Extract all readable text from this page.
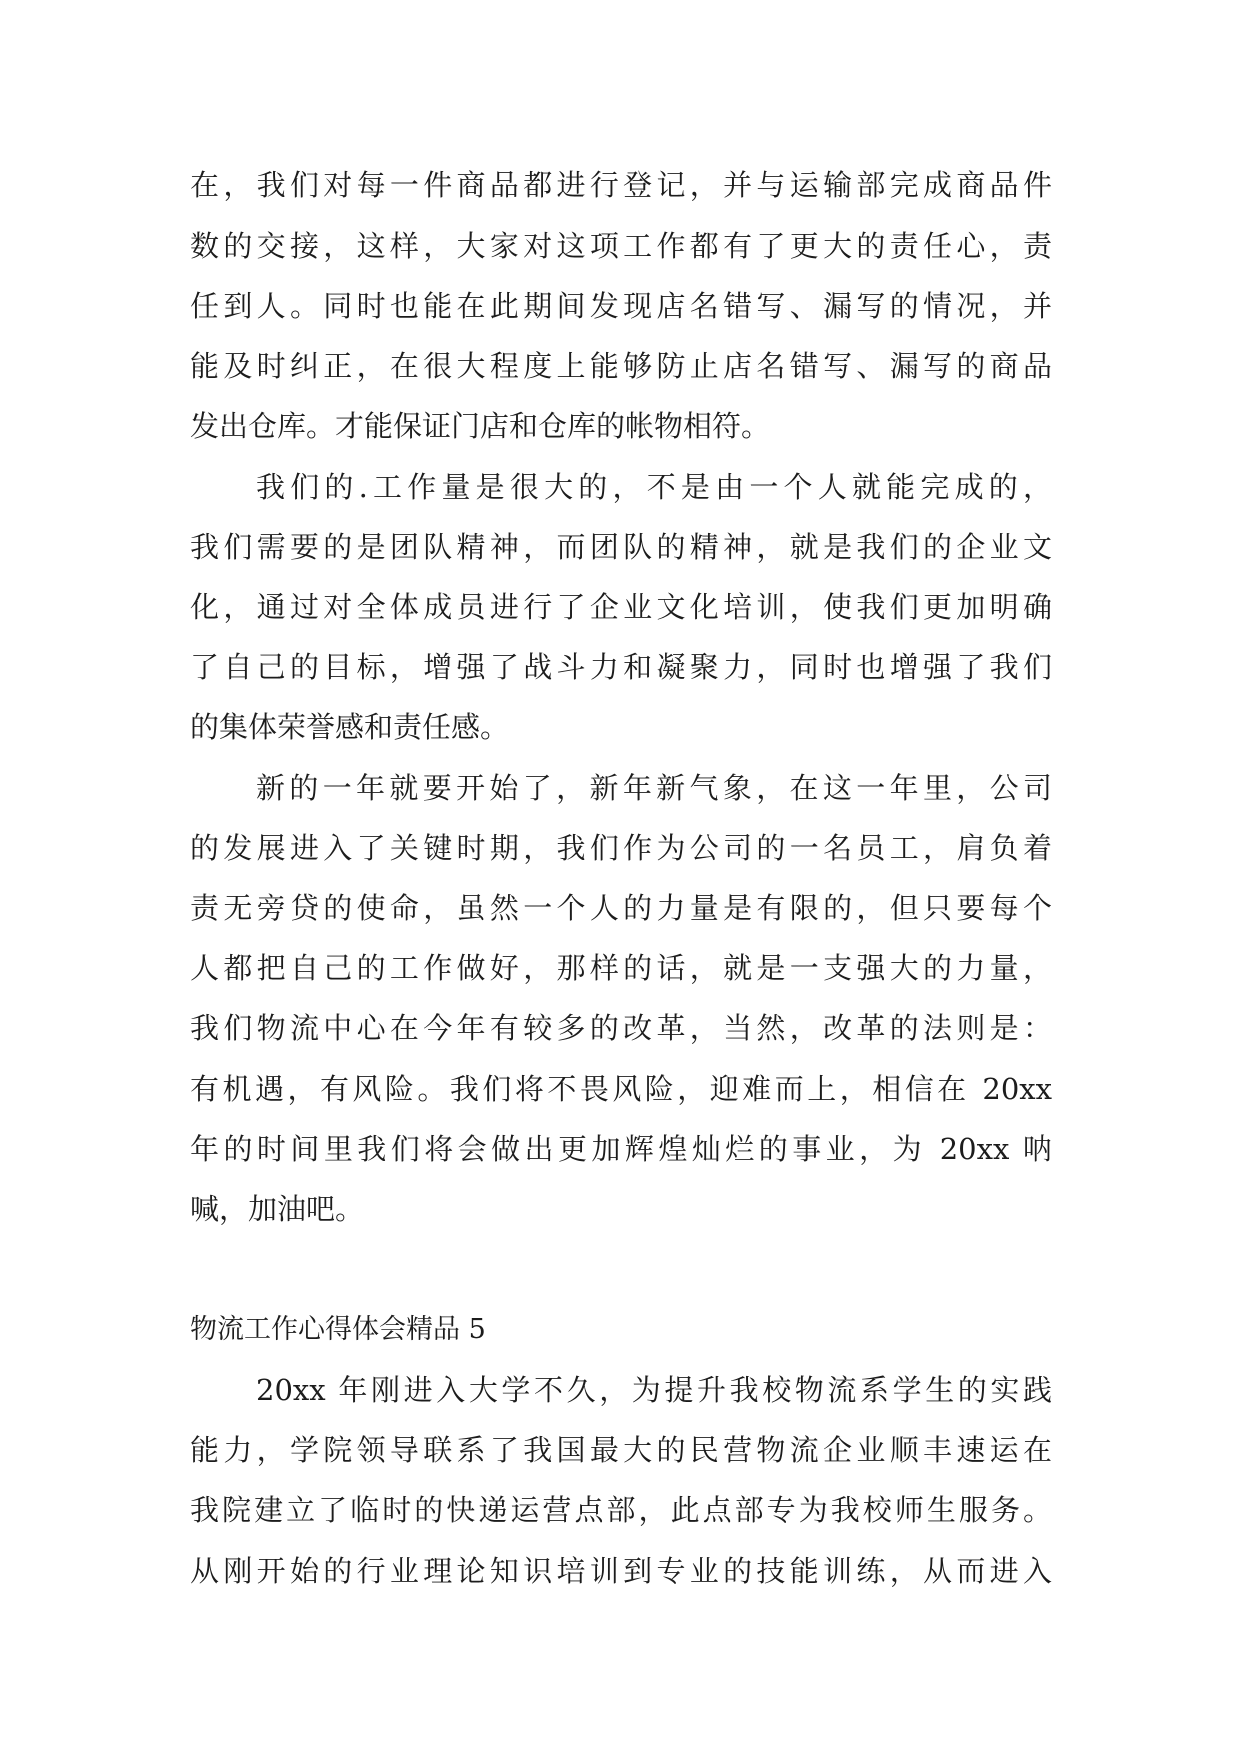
在，我们对每一件商品都进行登记，并与运输部完成商品件
数的交接，这样，大家对这项工作都有了更大的责任心，责
任到人。同时也能在此期间发现店名错写、漏写的情况，并
能及时纠正，在很大程度上能够防止店名错写、漏写的商品
发出仓库。才能保证门店和仓库的帐物相符。
我们的.工作量是很大的，不是由一个人就能完成的，
我们需要的是团队精神，而团队的精神，就是我们的企业文
化，通过对全体成员进行了企业文化培训，使我们更加明确
了自己的目标，增强了战斗力和凝聚力，同时也增强了我们
的集体荣誉感和责任感。
新的一年就要开始了，新年新气象，在这一年里，公司
的发展进入了关键时期，我们作为公司的一名员工，肩负着
责无旁贷的使命，虽然一个人的力量是有限的，但只要每个
人都把自己的工作做好，那样的话，就是一支强大的力量，
我们物流中心在今年有较多的改革，当然，改革的法则是：
有机遇，有风险。我们将不畏风险，迎难而上，相信在 20xx
年的时间里我们将会做出更加辉煌灿烂的事业，为 20xx 呐
喊，加油吧。
物流工作心得体会精品 5
20xx 年刚进入大学不久，为提升我校物流系学生的实践
能力，学院领导联系了我国最大的民营物流企业顺丰速运在
我院建立了临时的快递运营点部，此点部专为我校师生服务。
从刚开始的行业理论知识培训到专业的技能训练，从而进入
